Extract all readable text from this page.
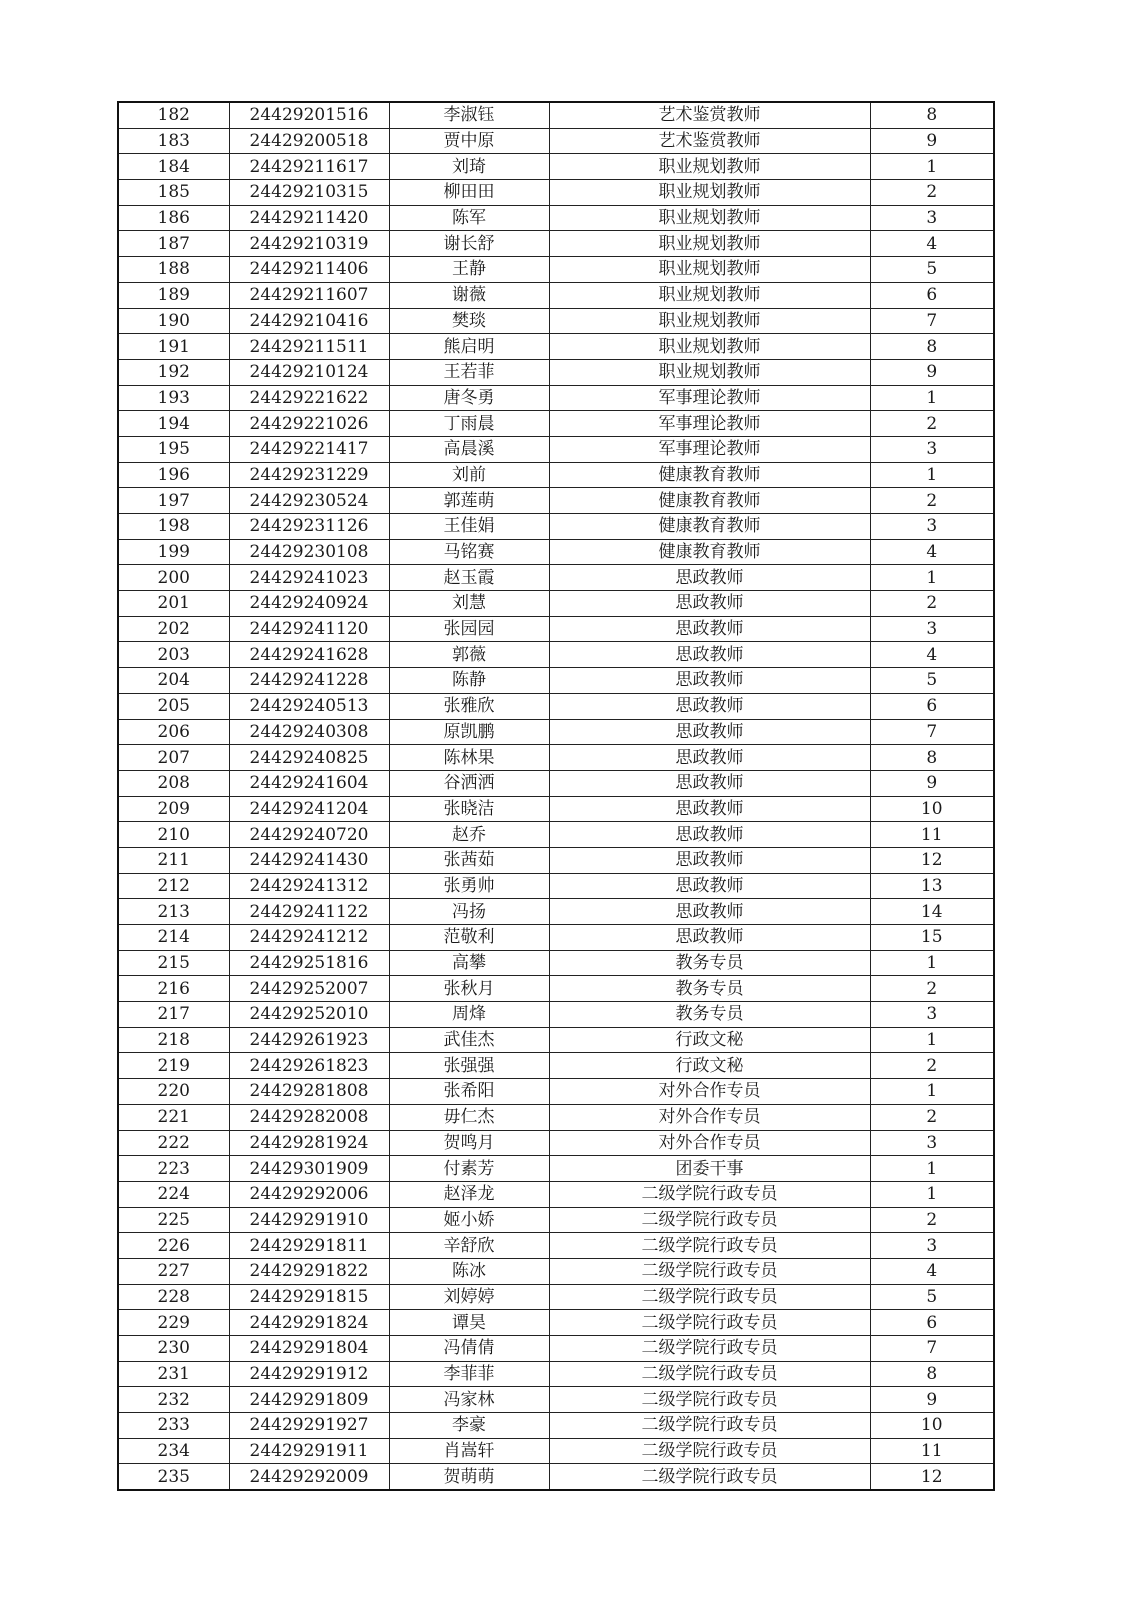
182	24429201516	李淑钰	艺术鉴赏教师	8
183	24429200518	贾中原	艺术鉴赏教师	9
184	24429211617	刘琦	职业规划教师	1
185	24429210315	柳田田	职业规划教师	2
186	24429211420	陈军	职业规划教师	3
187	24429210319	谢长舒	职业规划教师	4
188	24429211406	王静	职业规划教师	5
189	24429211607	谢薇	职业规划教师	6
190	24429210416	樊琰	职业规划教师	7
191	24429211511	熊启明	职业规划教师	8
192	24429210124	王若菲	职业规划教师	9
193	24429221622	唐冬勇	军事理论教师	1
194	24429221026	丁雨晨	军事理论教师	2
195	24429221417	高晨溪	军事理论教师	3
196	24429231229	刘前	健康教育教师	1
197	24429230524	郭莲萌	健康教育教师	2
198	24429231126	王佳娟	健康教育教师	3
199	24429230108	马铭赛	健康教育教师	4
200	24429241023	赵玉霞	思政教师	1
201	24429240924	刘慧	思政教师	2
202	24429241120	张园园	思政教师	3
203	24429241628	郭薇	思政教师	4
204	24429241228	陈静	思政教师	5
205	24429240513	张雅欣	思政教师	6
206	24429240308	原凯鹏	思政教师	7
207	24429240825	陈林果	思政教师	8
208	24429241604	谷洒洒	思政教师	9
209	24429241204	张晓洁	思政教师	10
210	24429240720	赵乔	思政教师	11
211	24429241430	张茜茹	思政教师	12
212	24429241312	张勇帅	思政教师	13
213	24429241122	冯扬	思政教师	14
214	24429241212	范敬利	思政教师	15
215	24429251816	高攀	教务专员	1
216	24429252007	张秋月	教务专员	2
217	24429252010	周烽	教务专员	3
218	24429261923	武佳杰	行政文秘	1
219	24429261823	张强强	行政文秘	2
220	24429281808	张希阳	对外合作专员	1
221	24429282008	毋仁杰	对外合作专员	2
222	24429281924	贺鸣月	对外合作专员	3
223	24429301909	付素芳	团委干事	1
224	24429292006	赵泽龙	二级学院行政专员	1
225	24429291910	姬小娇	二级学院行政专员	2
226	24429291811	辛舒欣	二级学院行政专员	3
227	24429291822	陈冰	二级学院行政专员	4
228	24429291815	刘婷婷	二级学院行政专员	5
229	24429291824	谭昊	二级学院行政专员	6
230	24429291804	冯倩倩	二级学院行政专员	7
231	24429291912	李菲菲	二级学院行政专员	8
232	24429291809	冯家林	二级学院行政专员	9
233	24429291927	李豪	二级学院行政专员	10
234	24429291911	肖嵩轩	二级学院行政专员	11
235	24429292009	贺萌萌	二级学院行政专员	12
